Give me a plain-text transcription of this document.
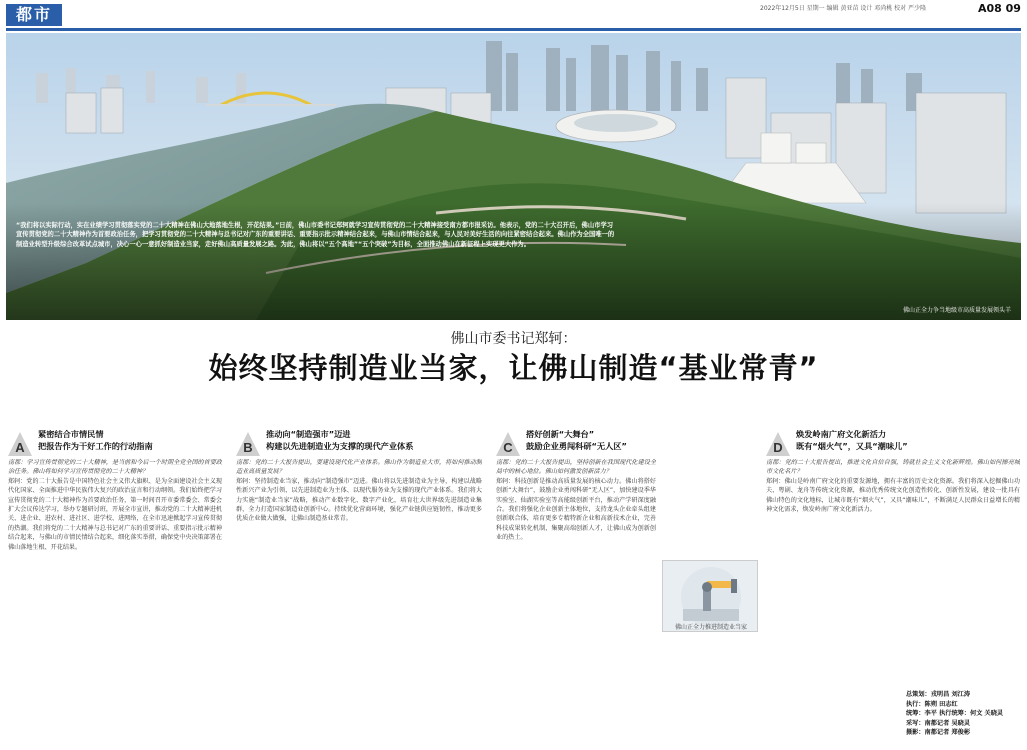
都市	2022年12月5日 星期一 编辑 黄亚苗 设计 邓尚桃 校对 严少隆	A08 09
“我们将以实际行动，实在业绩学习贯彻落实党的二十大精神在佛山大地落地生根，开花结果。”日前，佛山市委书记郑轲就学习宣传贯彻党的二十大精神接受南方都市报采访。他表示，党的二十大召开后，佛山市学习宣传贯彻党的二十大精神作为首要政治任务，把学习贯彻党的二十大精神与总书记对广东的重要讲话、重要指示批示精神结合起来，与佛山市情结合起来，与人民对美好生活的向往紧密结合起来。佛山作为全国唯一的制造业转型升级综合改革试点城市，决心一心一意抓好制造业当家，走好佛山高质量发展之路。为此，佛山将以“五个高地”“五个突破”为目标，全面推动佛山在新征程上实现更大作为。
佛山正全力争当地级市高质量发展领头羊
佛山市委书记郑轲：
始终坚持制造业当家，让佛山制造“基业常青”
A
紧密结合市情民情
把报告作为干好工作的行动指南

南都：学习宣传贯彻党的二十大精神，是当前和今后一个时期全党全国的首要政治任务。佛山将如何学习宣传贯彻党的二十大精神？

郑轲：党的二十大报告是中国特色社会主义伟大旗帜、是为全面建设社会主义现代化国家、全面推进中华民族伟大复兴的政治宣言和行动纲领。我们始终把学习宣传贯彻党的二十大精神作为首要政治任务，第一时间召开市委常委会、常委会扩大会议传达学习，举办专题研讨班，开展全市宣讲，推动党的二十大精神进机关、进企业、进农村、进社区、进学校、进网络，在全市迅速掀起学习宣传贯彻的热潮。我们将党的二十大精神与总书记对广东的重要讲话、重要指示批示精神结合起来，与佛山的市情民情结合起来，细化落实举措，确保党中央决策部署在佛山落地生根、开花结果。

B
推动向“制造强市”迈进
构建以先进制造业为支撑的现代产业体系

南都：党的二十大报告提出，要建设现代化产业体系。佛山作为制造业大市，将如何推动制造业高质量发展？

郑轲：坚持制造业当家，推动向“制造强市”迈进。佛山将以先进制造业为主导，构建以战略性新兴产业为引领、以先进制造业为主体、以现代服务业为支撑的现代产业体系。我们将大力实施“制造业当家”战略，推动产业数字化、数字产业化，培育壮大世界级先进制造业集群，全力打造国家制造业创新中心。持续优化营商环境，强化产业链供应链韧性，推动更多优质企业做大做强，让佛山制造基业常青。

C
搭好创新“大舞台”
鼓励企业勇闯科研“无人区”

南都：党的二十大报告提出，坚持创新在我国现代化建设全局中的核心地位。佛山如何激发创新活力？

郑轲：科技创新是推动高质量发展的核心动力。佛山将搭好创新“大舞台”，鼓励企业勇闯科研“无人区”，加快建设季华实验室、仙湖实验室等高能级创新平台，推动产学研深度融合。我们将强化企业创新主体地位，支持龙头企业牵头组建创新联合体，培育更多专精特新企业和高新技术企业，完善科技成果转化机制，集聚高端创新人才，让佛山成为创新创业的热土。

佛山正全力推进制造业当家
D
焕发岭南广府文化新活力
既有“烟火气”，又具“潮味儿”

南都：党的二十大报告提出，推进文化自信自强，铸就社会主义文化新辉煌。佛山如何擦亮城市文化名片？

郑轲：佛山是岭南广府文化的重要发源地，拥有丰富的历史文化资源。我们将深入挖掘佛山功夫、粤剧、龙舟等传统文化资源，推动优秀传统文化创造性转化、创新性发展，建设一批具有佛山特色的文化地标，让城市既有“烟火气”，又具“潮味儿”，不断满足人民群众日益增长的精神文化需求，焕发岭南广府文化新活力。

总策划：戎明昌 刘江涛
执行：陈朔 田志红
统筹：李平 执行统筹：何文 关晓灵
采写：南都记者 吴晓灵
摄影：南都记者 郑俊彬
